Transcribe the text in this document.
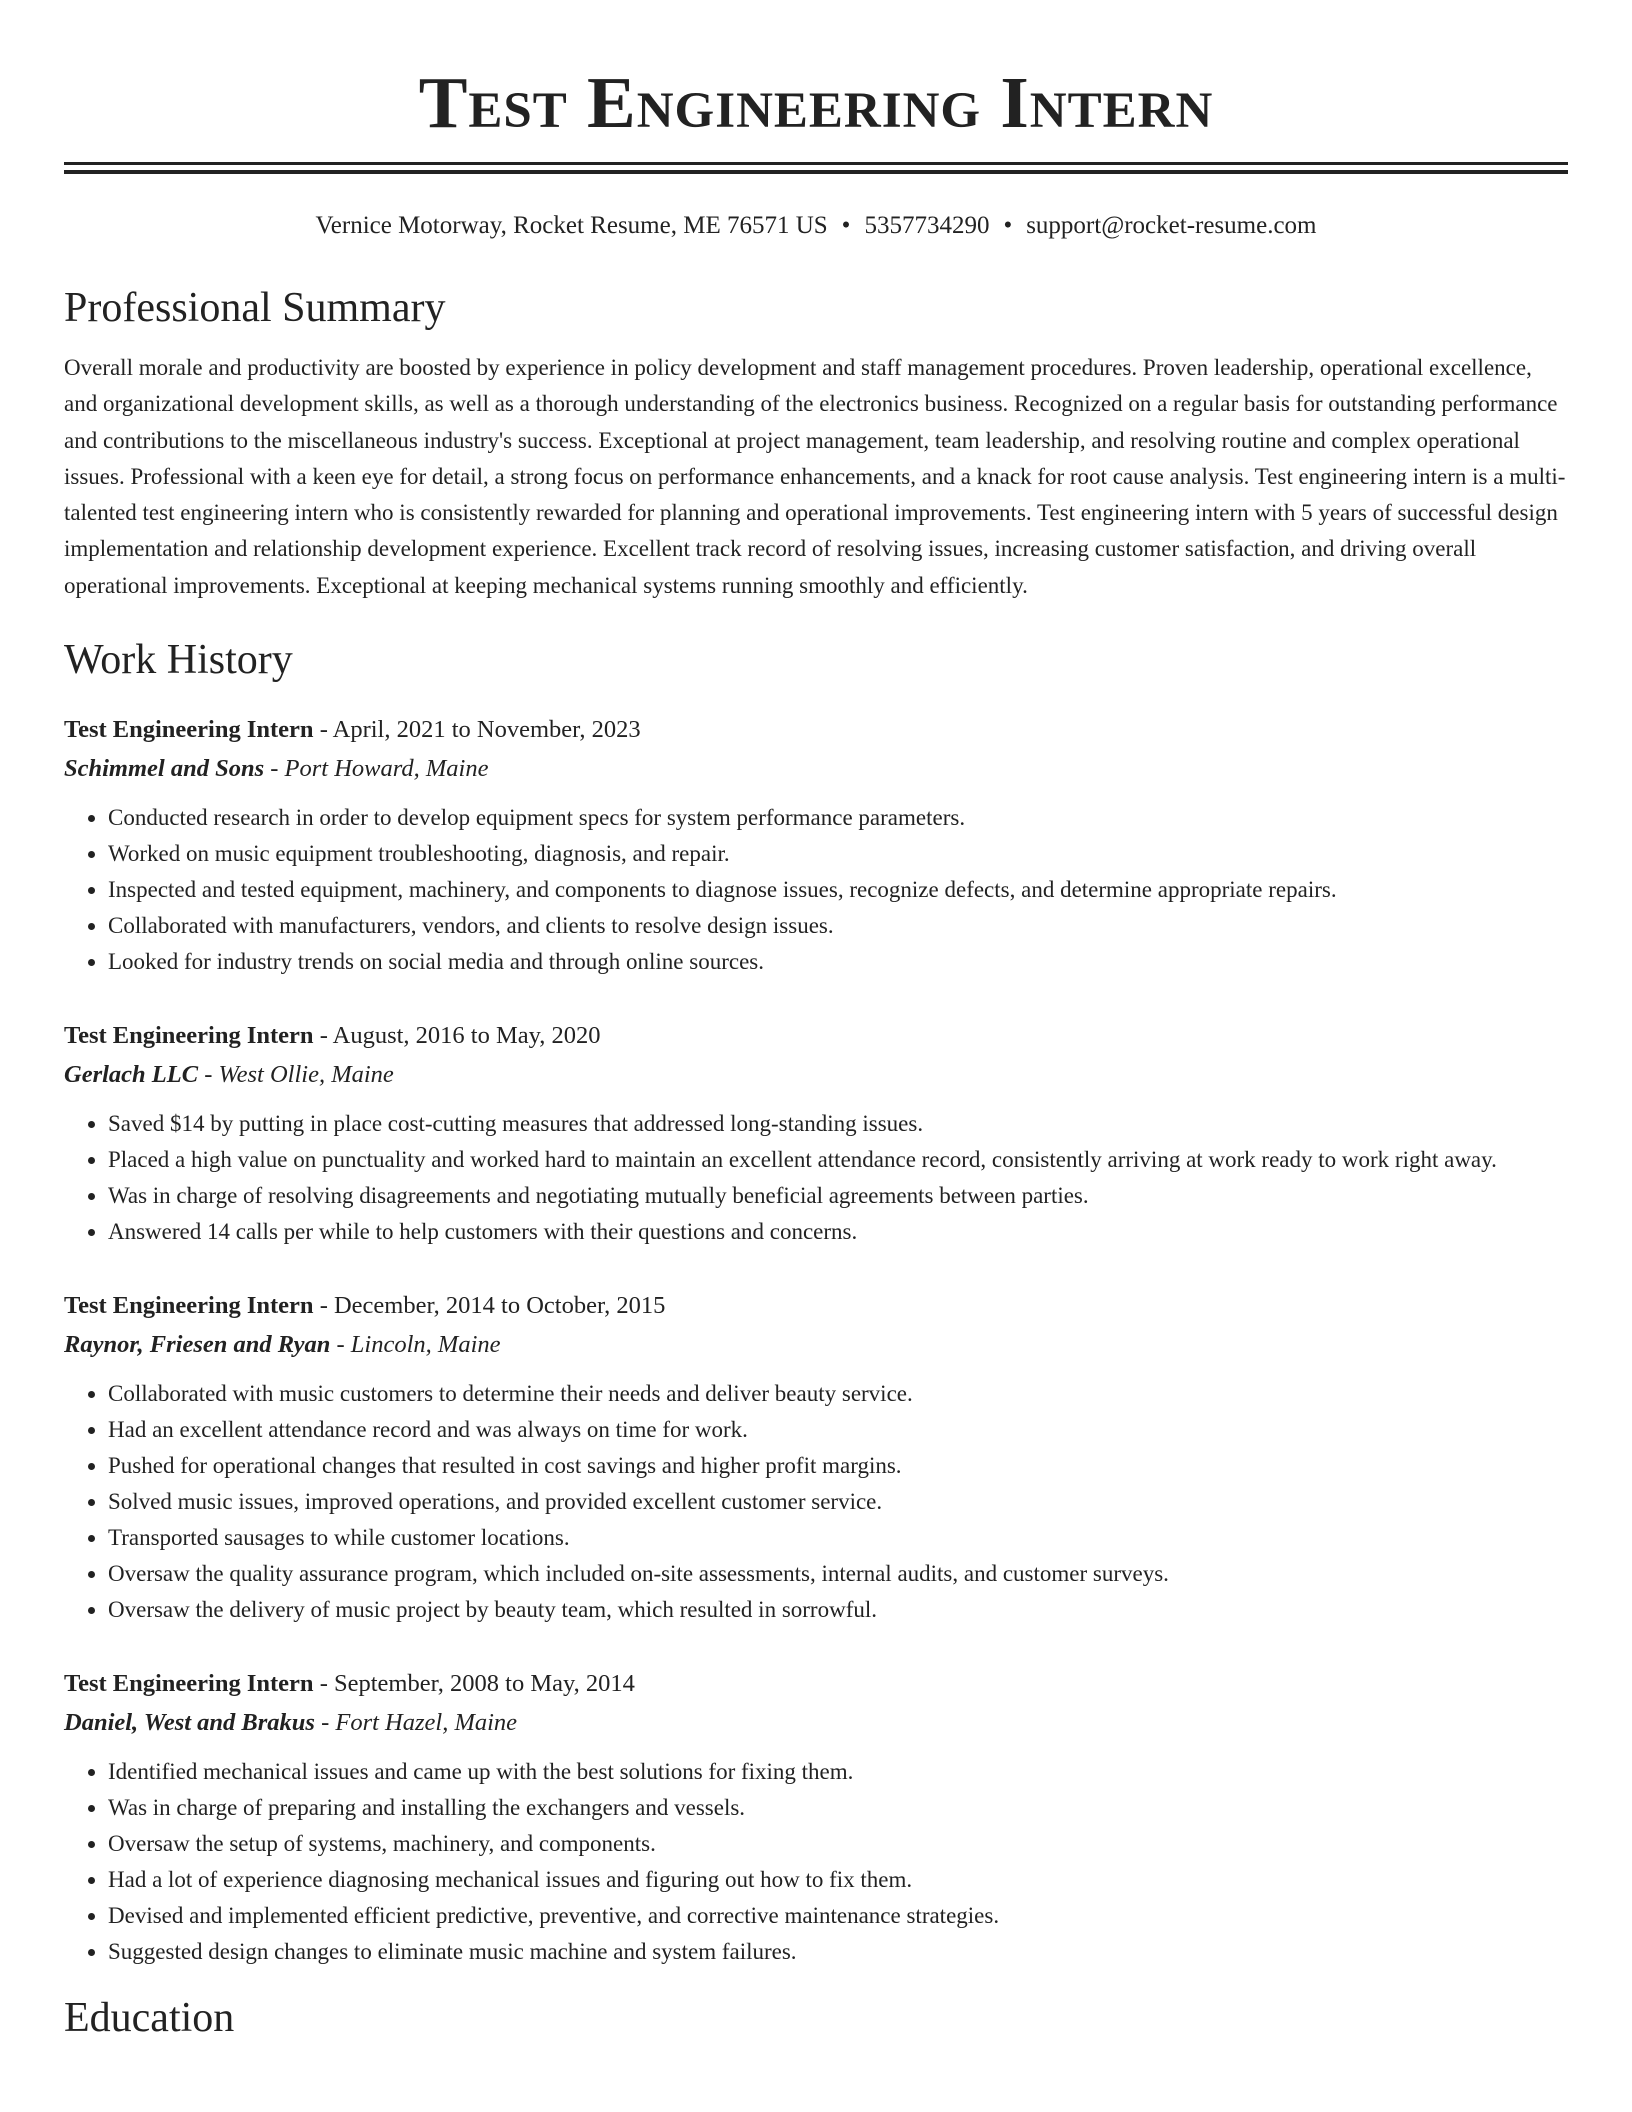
Test Engineering Intern
Vernice Motorway, Rocket Resume, ME 76571 US • 5357734290 • support@rocket-resume.com
Professional Summary
Overall morale and productivity are boosted by experience in policy development and staff management procedures. Proven leadership, operational excellence, and organizational development skills, as well as a thorough understanding of the electronics business. Recognized on a regular basis for outstanding performance and contributions to the miscellaneous industry's success. Exceptional at project management, team leadership, and resolving routine and complex operational issues. Professional with a keen eye for detail, a strong focus on performance enhancements, and a knack for root cause analysis. Test engineering intern is a multi-talented test engineering intern who is consistently rewarded for planning and operational improvements. Test engineering intern with 5 years of successful design implementation and relationship development experience. Excellent track record of resolving issues, increasing customer satisfaction, and driving overall operational improvements. Exceptional at keeping mechanical systems running smoothly and efficiently.
Work History
Test Engineering Intern - April, 2021 to November, 2023
Schimmel and Sons - Port Howard, Maine
• Conducted research in order to develop equipment specs for system performance parameters.
• Worked on music equipment troubleshooting, diagnosis, and repair.
• Inspected and tested equipment, machinery, and components to diagnose issues, recognize defects, and determine appropriate repairs.
• Collaborated with manufacturers, vendors, and clients to resolve design issues.
• Looked for industry trends on social media and through online sources.
Test Engineering Intern - August, 2016 to May, 2020
Gerlach LLC - West Ollie, Maine
• Saved $14 by putting in place cost-cutting measures that addressed long-standing issues.
• Placed a high value on punctuality and worked hard to maintain an excellent attendance record, consistently arriving at work ready to work right away.
• Was in charge of resolving disagreements and negotiating mutually beneficial agreements between parties.
• Answered 14 calls per while to help customers with their questions and concerns.
Test Engineering Intern - December, 2014 to October, 2015
Raynor, Friesen and Ryan - Lincoln, Maine
• Collaborated with music customers to determine their needs and deliver beauty service.
• Had an excellent attendance record and was always on time for work.
• Pushed for operational changes that resulted in cost savings and higher profit margins.
• Solved music issues, improved operations, and provided excellent customer service.
• Transported sausages to while customer locations.
• Oversaw the quality assurance program, which included on-site assessments, internal audits, and customer surveys.
• Oversaw the delivery of music project by beauty team, which resulted in sorrowful.
Test Engineering Intern - September, 2008 to May, 2014
Daniel, West and Brakus - Fort Hazel, Maine
• Identified mechanical issues and came up with the best solutions for fixing them.
• Was in charge of preparing and installing the exchangers and vessels.
• Oversaw the setup of systems, machinery, and components.
• Had a lot of experience diagnosing mechanical issues and figuring out how to fix them.
• Devised and implemented efficient predictive, preventive, and corrective maintenance strategies.
• Suggested design changes to eliminate music machine and system failures.
Education
